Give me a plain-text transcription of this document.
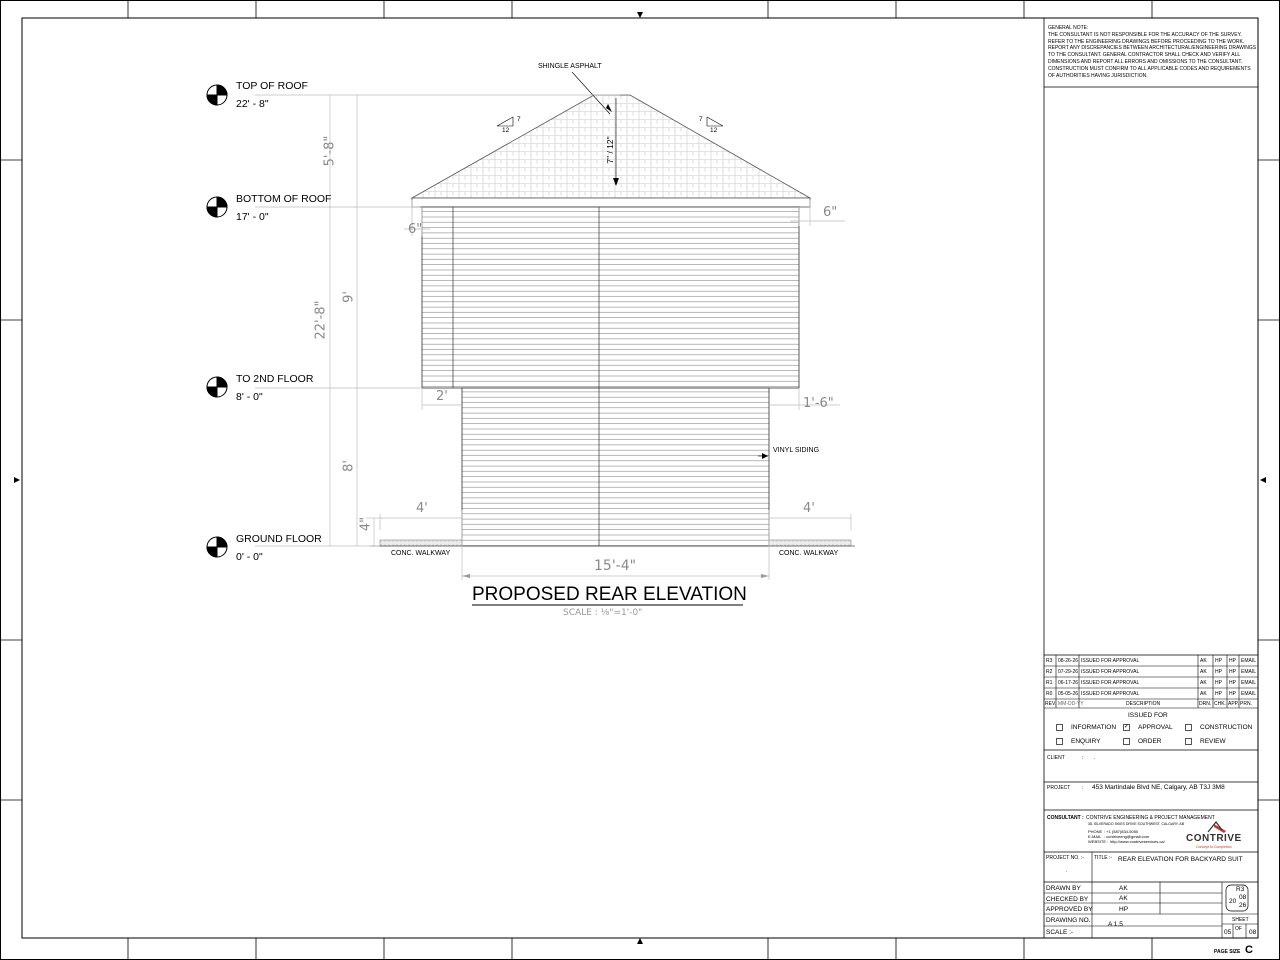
GENERAL NOTE:
THE CONSULTANT IS NOT RESPONSIBLE FOR THE ACCURACY OF THE SURVEY.
REFER TO THE ENGINEERING DRAWINGS BEFORE PROCEEDING TO THE WORK.
REPORT ANY DISCREPANCIES BETWEEN ARCHITECTURAL/ENGINEERING DRAWINGS
TO THE CONSULTANT. GENERAL CONTRACTOR SHALL CHECK AND VERIFY ALL
DIMENSIONS AND REPORT ALL ERRORS AND OMISSIONS TO THE CONSULTANT.
CONSTRUCTION MUST CONFIRM TO ALL APPLICABLE CODES AND REQUIREMENTS
OF AUTHORITIES HAVING JURISDICTION.
TOP OF ROOF
22' - 8"
BOTTOM OF ROOF
17' - 0"
TO 2ND FLOOR
8' - 0"
GROUND FLOOR
0' - 0"
5'-8"
9'
22'-8"
8'
4"
6"
6"
2'	1'-6"
4'	4'
15'-4"
7" / 12"
7
12
7
12
SHINGLE ASPHALT
VINYL SIDING
CONC. WALKWAY	CONC. WALKWAY
PROPOSED REAR ELEVATION
SCALE : ⅛"=1'-0"
R3 08-26-26 ISSUED FOR APPROVAL	AK HP HP EMAIL
R2 07-29-26 ISSUED FOR APPROVAL	AK HP HP EMAIL
R1 06-17-26 ISSUED FOR APPROVAL	AK HP HP EMAIL
R0 05-05-26 ISSUED FOR APPROVAL	AK HP HP EMAIL
REV. MM-DD-YY	DESCRIPTION	DRN. CHK. APP. PRN.
ISSUED FOR
INFORMATION ✓ APPROVAL	CONSTRUCTION
ENQUIRY	ORDER	REVIEW
CLIENT	: .
PROJECT : 453 Martindale Blvd NE, Calgary, AB T3J 3M8
CONSULTANT : CONTRIVE ENGINEERING & PROJECT MANAGEMENT
38, SILVERADO SKIES DRIVE SOUTHWEST, CALGARY, AB
PHONE : +1 (587)834-5050
E-MAIL : contriveeng@gmail.com
WEBSITE : http://www.contriveservices.ca/ CONTRIVE
Concept to Completion
PROJECT NO. :-
.
TITLE :- REAR ELEVATION FOR BACKYARD SUIT
DRAWN BY	AK
CHECKED BY	AK
APPROVED BY	HP
DRAWING NO.
SCALE :-
A 1.5
R3
20
08
26
SHEET
05 OF 08
PAGE SIZE C
